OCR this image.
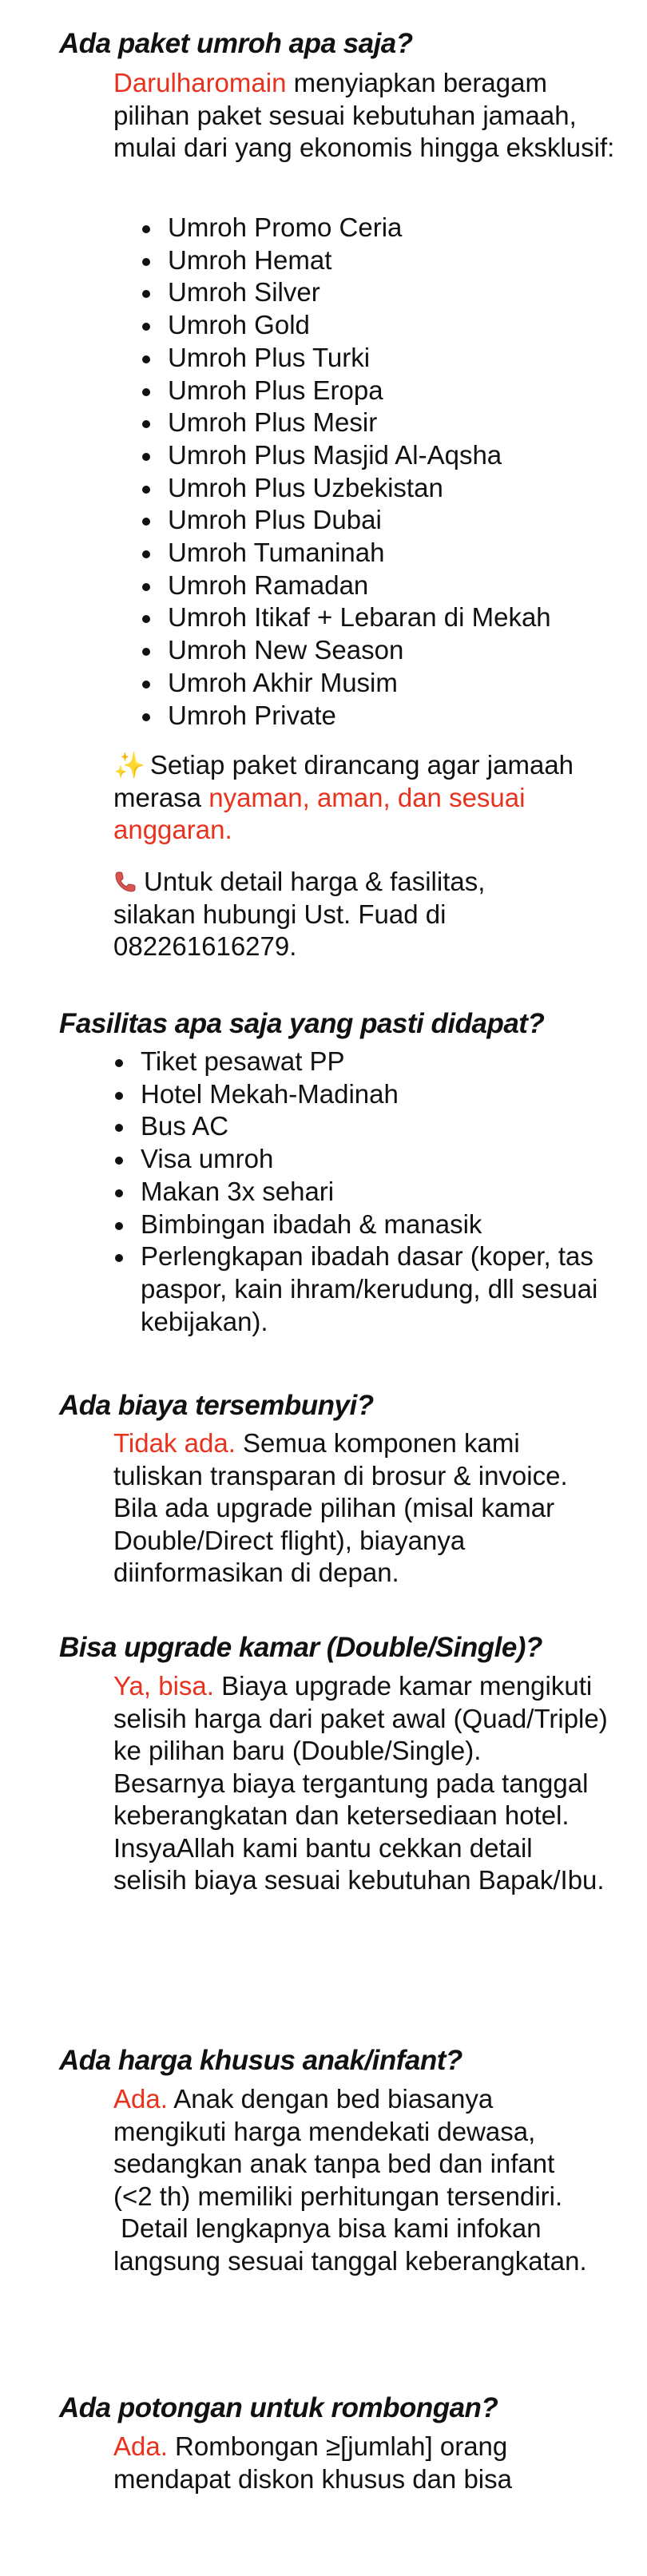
Ada paket umroh apa saja?
Darulharomain menyiapkan beragam pilihan paket sesuai kebutuhan jamaah, mulai dari yang ekonomis hingga eksklusif:
Umroh Promo Ceria
Umroh Hemat
Umroh Silver
Umroh Gold
Umroh Plus Turki
Umroh Plus Eropa
Umroh Plus Mesir
Umroh Plus Masjid Al-Aqsha
Umroh Plus Uzbekistan
Umroh Plus Dubai
Umroh Tumaninah
Umroh Ramadan
Umroh Itikaf + Lebaran di Mekah
Umroh New Season
Umroh Akhir Musim
Umroh Private
✨ Setiap paket dirancang agar jamaah merasa nyaman, aman, dan sesuai anggaran.
Untuk detail harga & fasilitas, silakan hubungi Ust. Fuad di 082261616279.
Fasilitas apa saja yang pasti didapat?
Tiket pesawat PP
Hotel Mekah-Madinah
Bus AC
Visa umroh
Makan 3x sehari
Bimbingan ibadah & manasik
Perlengkapan ibadah dasar (koper, tas paspor, kain ihram/kerudung, dll sesuai kebijakan).
Ada biaya tersembunyi?
Tidak ada. Semua komponen kami tuliskan transparan di brosur & invoice. Bila ada upgrade pilihan (misal kamar Double/Direct flight), biayanya diinformasikan di depan.
Bisa upgrade kamar (Double/Single)?

Ya, bisa. Biaya upgrade kamar mengikuti selisih harga dari paket awal (Quad/Triple) ke pilihan baru (Double/Single).

Besarnya biaya tergantung pada tanggal keberangkatan dan ketersediaan hotel.

InsyaAllah kami bantu cekkan detail selisih biaya sesuai kebutuhan Bapak/Ibu.

Ada harga khusus anak/infant?

Ada. Anak dengan bed biasanya mengikuti harga mendekati dewasa, sedangkan anak tanpa bed dan infant (<2 th) memiliki perhitungan tersendiri.

Detail lengkapnya bisa kami infokan langsung sesuai tanggal keberangkatan.

Ada potongan untuk rombongan?
Ada. Rombongan ≥[jumlah] orang mendapat diskon khusus dan bisa
